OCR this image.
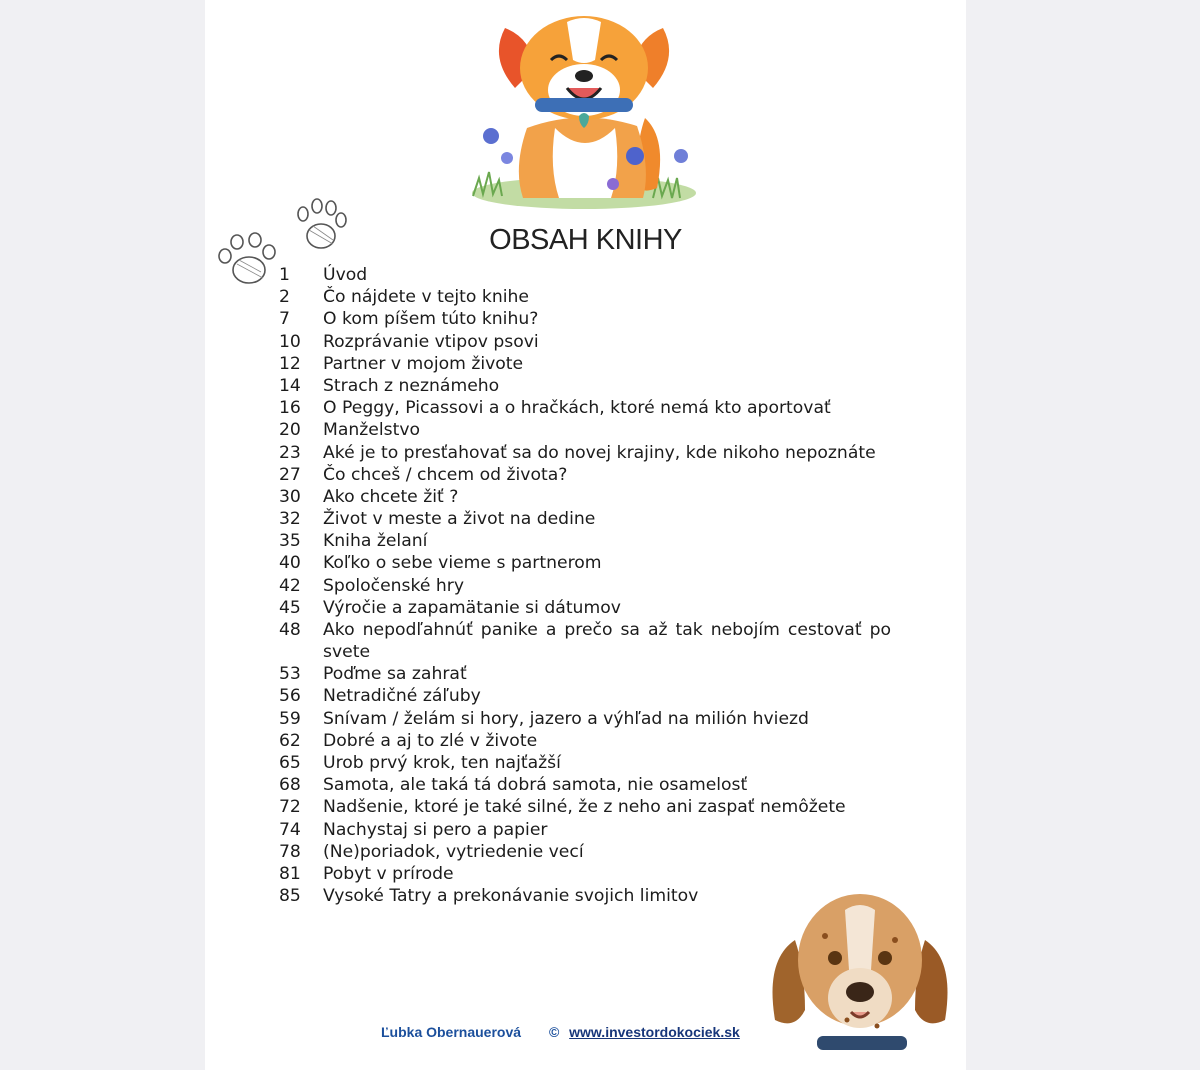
OBSAH KNIHY
1	Úvod
2	Čo nájdete v tejto knihe
7	O kom píšem túto knihu?
10	Rozprávanie vtipov psovi
12	Partner v mojom živote
14	Strach z neznámeho
16	O Peggy, Picassovi a o hračkách, ktoré nemá kto aportovať
20	Manželstvo
23	Aké je to presťahovať sa do novej krajiny, kde nikoho nepoznáte
27	Čo chceš / chcem od života?
30	Ako chcete žiť ?
32	Život v meste a život na dedine
35	Kniha želaní
40	Koľko o sebe vieme s partnerom
42	Spoločenské hry
45	Výročie a zapamätanie si dátumov
48	Ako nepodľahnúť panike a prečo sa až tak nebojím cestovať po svete
53	Poďme sa zahrať
56	Netradičné záľuby
59	Snívam / želám si hory, jazero a výhľad na milión hviezd
62	Dobré a aj to zlé v živote
65	Urob prvý krok, ten najťažší
68	Samota, ale taká tá dobrá samota, nie osamelosť
72	Nadšenie, ktoré je také silné, že z neho ani zaspať nemôžete
74	Nachystaj si pero a papier
78	(Ne)poriadok, vytriedenie vecí
81	Pobyt v prírode
85	Vysoké Tatry a prekonávanie svojich limitov
Ľubka Obernauerová © www.investordokociek.sk
